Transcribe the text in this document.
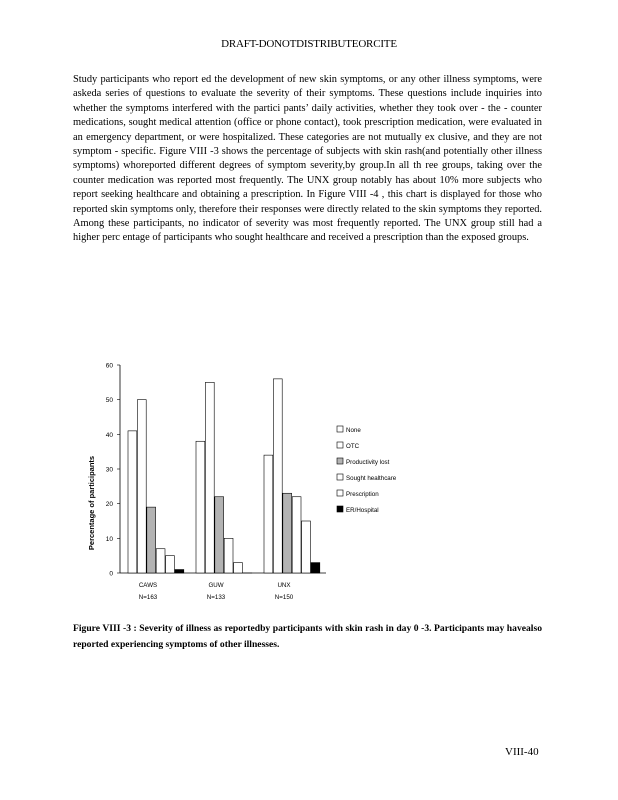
DRAFT-DONOTDISTRIBUTEORCITE
Study participants who report ed the development of new skin symptoms, or any other illness symptoms, were askeda series of questions to evaluate the severity of their symptoms. These questions include inquiries into whether the symptoms interfered with the partici pants’ daily activities, whether they took over - the - counter medications, sought medical attention (office or phone contact), took prescription medication, were evaluated in an emergency department, or were hospitalized. These categories are not mutually ex clusive, and they are not symptom - specific. Figure VIII -3 shows the percentage of subjects with skin rash(and potentially other illness symptoms) whoreported different degrees of symptom severity,by group.In all th ree groups, taking over the counter medication was reported most frequently. The UNX group notably has about 10% more subjects who report seeking healthcare and obtaining a prescription. In Figure VIII -4 , this chart is displayed for those who reported skin symptoms only, therefore their responses were directly related to the skin symptoms they reported. Among these participants, no indicator of severity was most frequently reported. The UNX group still had a higher perc entage of participants who sought healthcare and received a prescription than the exposed groups.
0
10
20
30
40
50
60
CAWS
N=163
GUW
N=133
UNX
N=150
None
OTC
Productivity lost
Sought healthcare
Prescription
ER/Hospital
Percentage of participants
Figure VIII -3 : Severity of illness as reportedby participants with skin rash in day 0 -3. Participants may havealso reported experiencing symptoms of other illnesses.
VIII-40
